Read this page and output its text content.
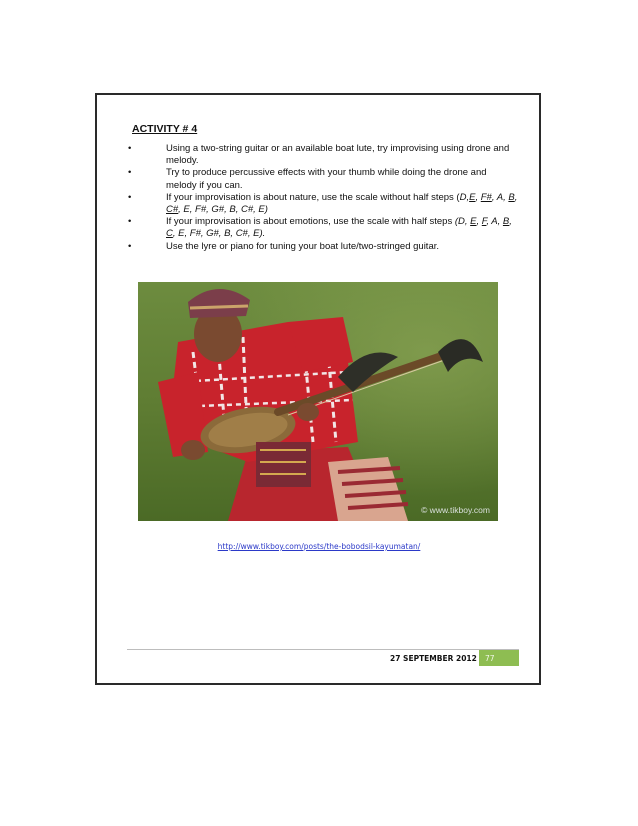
ACTIVITY # 4
•	Using a two-string guitar or an available boat lute, try improvising using drone and melody.
•	Try to produce percussive effects with your thumb while doing the drone and melody if you can.
•	If your improvisation is about nature, use the scale without half steps (D,E, F#, A, B, C#, E, F#, G#, B, C#, E)
•	If your improvisation is about emotions, use the scale with half steps (D, E, F, A, B, C, E, F#, G#, B, C#, E).
•	Use the lyre or piano for tuning your boat lute/two-stringed guitar.
© www.tikboy.com
http://www.tikboy.com/posts/the-bobodsil-kayumatan/
27 SEPTEMBER 2012	77
